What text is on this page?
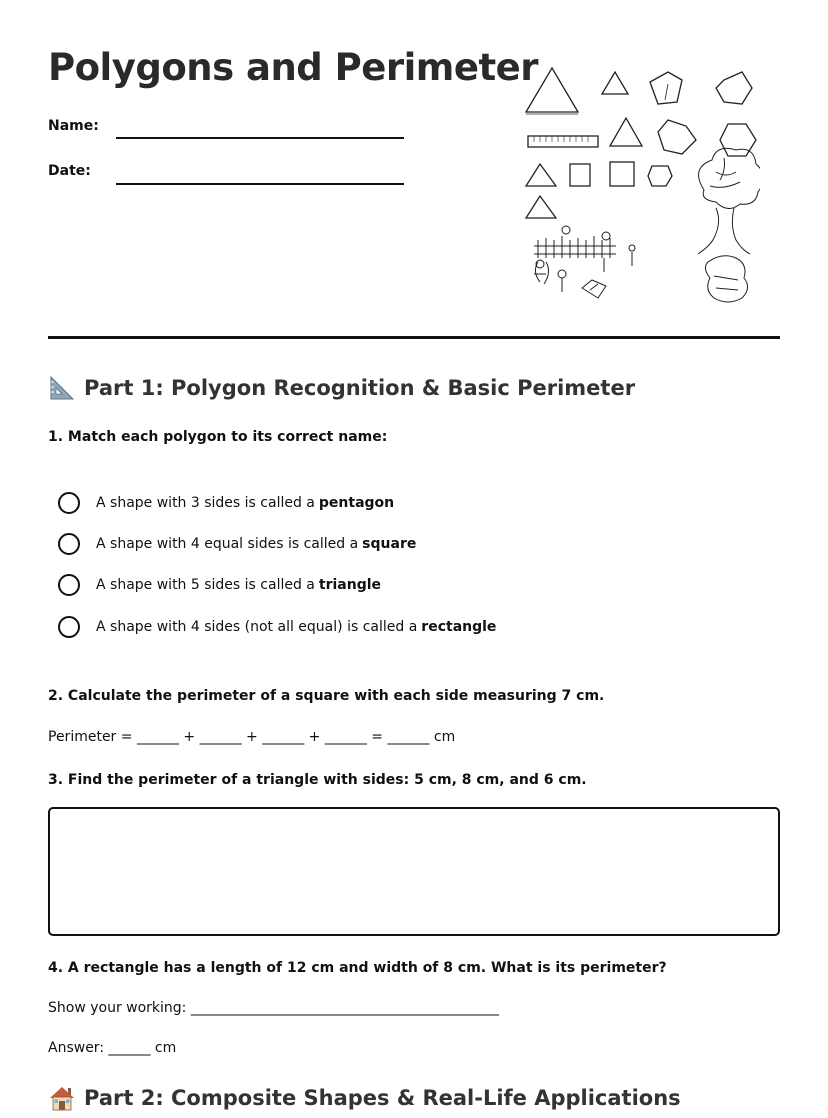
Polygons and Perimeter
Name:
Date:
Part 1: Polygon Recognition & Basic Perimeter

1. Match each polygon to its correct name:

A shape with 3 sides is called a pentagon
A shape with 4 equal sides is called a square
A shape with 5 sides is called a triangle
A shape with 4 sides (not all equal) is called a rectangle

2. Calculate the perimeter of a square with each side measuring 7 cm.

Perimeter = ______ + ______ + ______ + ______ = ______ cm

3. Find the perimeter of a triangle with sides: 5 cm, 8 cm, and 6 cm.

4. A rectangle has a length of 12 cm and width of 8 cm. What is its perimeter?

Show your working: ____________________________________________
Answer: ______ cm
Part 2: Composite Shapes & Real-Life Applications
